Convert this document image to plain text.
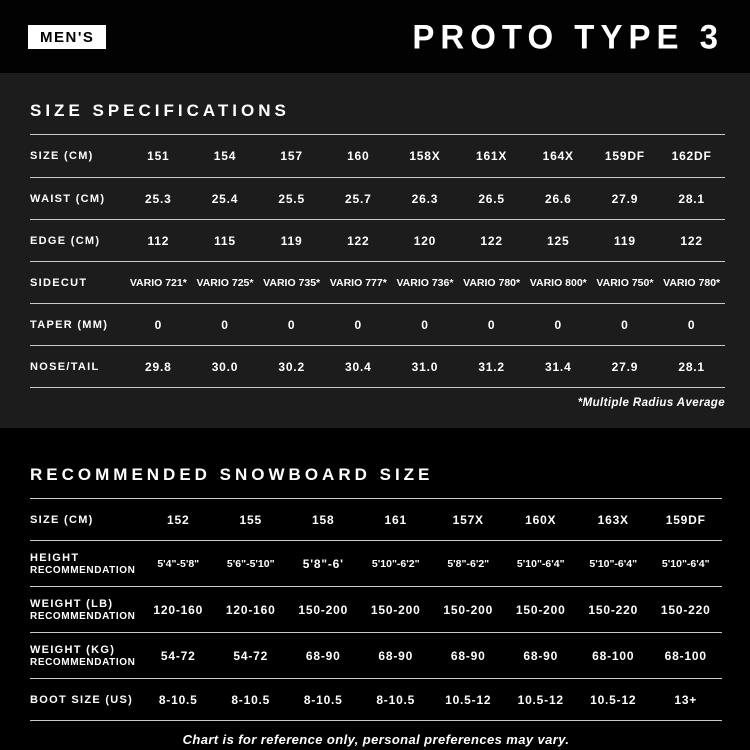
MEN'S	PROTO TYPE 3
SIZE SPECIFICATIONS
SIZE (CM)	151	154	157	160	158X	161X	164X	159DF	162DF

WAIST (CM)	25.3	25.4	25.5	25.7	26.3	26.5	26.6	27.9	28.1

EDGE (CM)	112	115	119	122	120	122	125	119	122

SIDECUT	VARIO 721*	VARIO 725*	VARIO 735*	VARIO 777*	VARIO 736*	VARIO 780*	VARIO 800*	VARIO 750*	VARIO 780*

TAPER (MM)	0	0	0	0	0	0	0	0	0

NOSE/TAIL	29.8	30.0	30.2	30.4	31.0	31.2	31.4	27.9	28.1
*Multiple Radius Average
RECOMMENDED SNOWBOARD SIZE
SIZE (CM)	152	155	158	161	157X	160X	163X	159DF

HEIGHT
RECOMMENDATION	5'4"-5'8"	5'6"-5'10"	5'8"-6'	5'10"-6'2"	5'8"-6'2"	5'10"-6'4"	5'10"-6'4"	5'10"-6'4"

WEIGHT (LB)
RECOMMENDATION	120-160	120-160	150-200	150-200	150-200	150-200	150-220	150-220

WEIGHT (KG)
RECOMMENDATION	54-72	54-72	68-90	68-90	68-90	68-90	68-100	68-100

BOOT SIZE (US)	8-10.5	8-10.5	8-10.5	8-10.5	10.5-12	10.5-12	10.5-12	13+
Chart is for reference only, personal preferences may vary.
